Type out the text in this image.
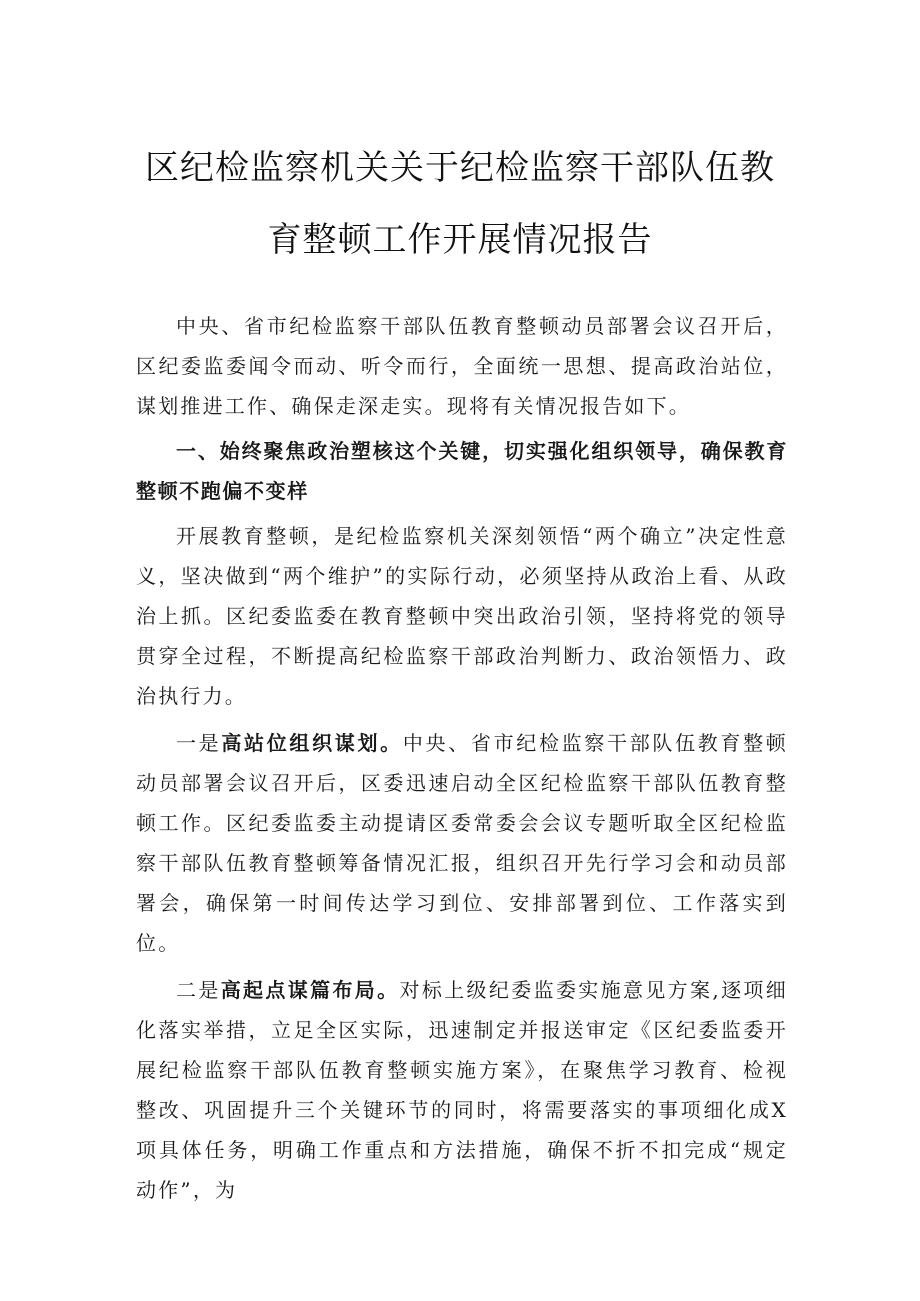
区纪检监察机关关于纪检监察干部队伍教
育整顿工作开展情况报告

中央、省市纪检监察干部队伍教育整顿动员部署会议召开后，区纪委监委闻令而动、听令而行，全面统一思想、提高政治站位，谋划推进工作、确保走深走实。现将有关情况报告如下。

一、始终聚焦政治塑核这个关键，切实强化组织领导，确保教育整顿不跑偏不变样

开展教育整顿，是纪检监察机关深刻领悟“两个确立”决定性意义，坚决做到“两个维护”的实际行动，必须坚持从政治上看、从政治上抓。区纪委监委在教育整顿中突出政治引领，坚持将党的领导贯穿全过程，不断提高纪检监察干部政治判断力、政治领悟力、政治执行力。

一是高站位组织谋划。中央、省市纪检监察干部队伍教育整顿动员部署会议召开后，区委迅速启动全区纪检监察干部队伍教育整顿工作。区纪委监委主动提请区委常委会会议专题听取全区纪检监察干部队伍教育整顿筹备情况汇报，组织召开先行学习会和动员部署会，确保第一时间传达学习到位、安排部署到位、工作落实到位。

二是高起点谋篇布局。对标上级纪委监委实施意见方案,逐项细化落实举措，立足全区实际，迅速制定并报送审定《区纪委监委开展纪检监察干部队伍教育整顿实施方案》，在聚焦学习教育、检视整改、巩固提升三个关键环节的同时，将需要落实的事项细化成X项具体任务，明确工作重点和方法措施，确保不折不扣完成“规定动作”，为
